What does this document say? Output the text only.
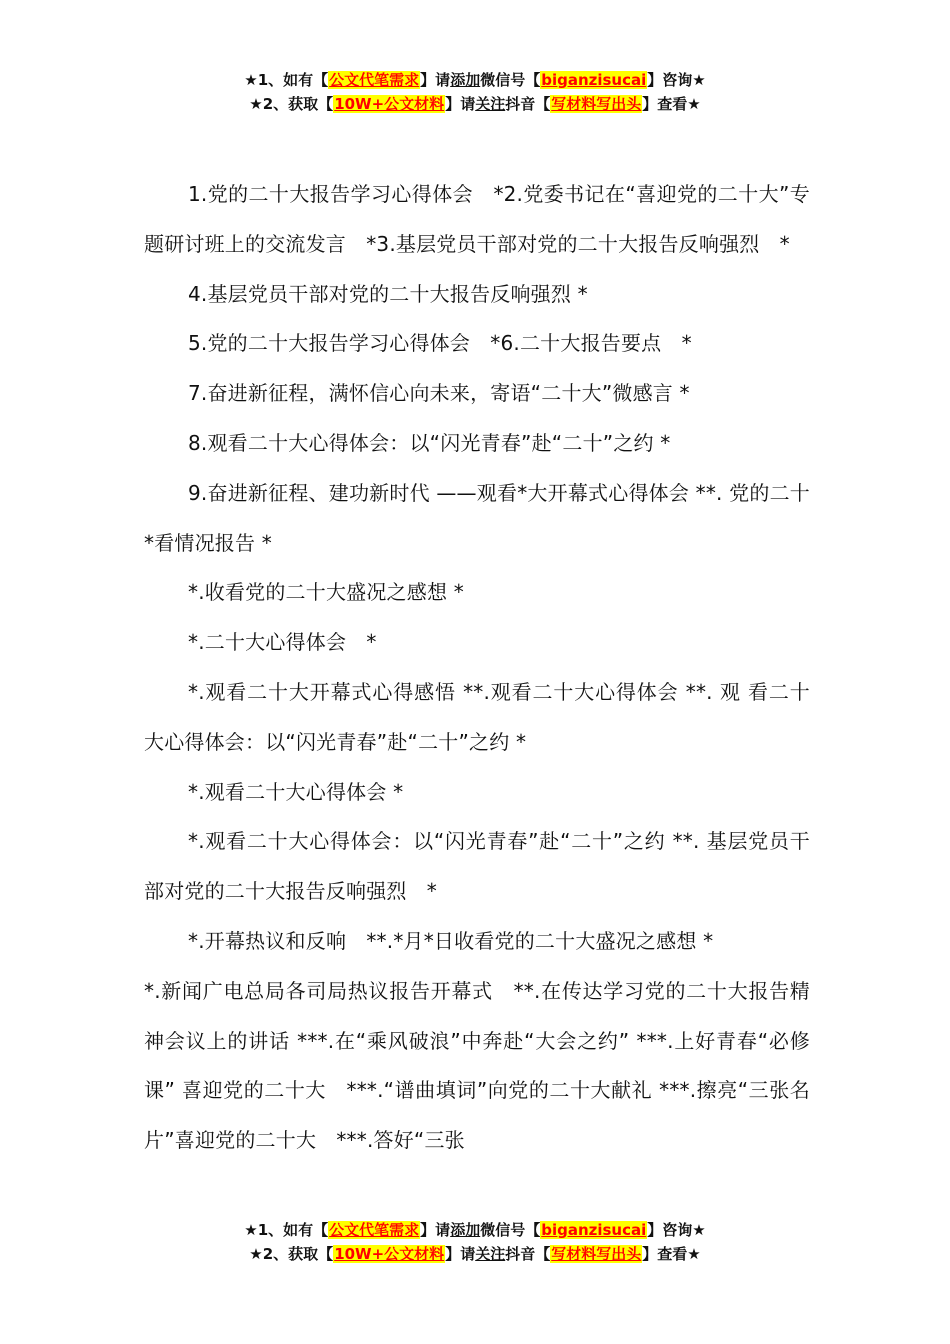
★1、如有【公文代笔需求】请添加微信号【biganzisucai】咨询★
★2、获取【10W+公文材料】请关注抖音【写材料写出头】查看★

1.党的二十大报告学习心得体会　*2.党委书记在“喜迎党的二十大”专题研讨班上的交流发言　*3.基层党员干部对党的二十大报告反响强烈　*

4.基层党员干部对党的二十大报告反响强烈 *

5.党的二十大报告学习心得体会　*6.二十大报告要点　*

7.奋进新征程，满怀信心向未来，寄语“二十大”微感言 *

8.观看二十大心得体会：以“闪光青春”赴“二十”之约 *

9.奋进新征程、建功新时代 ——观看*大开幕式心得体会 **. 党的二十*看情况报告 *

*.收看党的二十大盛况之感想 *

*.二十大心得体会　*

*.观看二十大开幕式心得感悟 **.观看二十大心得体会 **. 观 看二十大心得体会：以“闪光青春”赴“二十”之约 *

*.观看二十大心得体会 *

*.观看二十大心得体会：以“闪光青春”赴“二十”之约 **. 基层党员干部对党的二十大报告反响强烈　*

*.开幕热议和反响　**.*月*日收看党的二十大盛况之感想 *

*.新闻广电总局各司局热议报告开幕式　**.在传达学习党的二十大报告精神会议上的讲话 ***.在“乘风破浪”中奔赴“大会之约” ***.上好青春“必修课” 喜迎党的二十大　***.“谱曲填词”向党的二十大献礼 ***.擦亮“三张名片”喜迎党的二十大　***.答好“三张

★1、如有【公文代笔需求】请添加微信号【biganzisucai】咨询★
★2、获取【10W+公文材料】请关注抖音【写材料写出头】查看★
